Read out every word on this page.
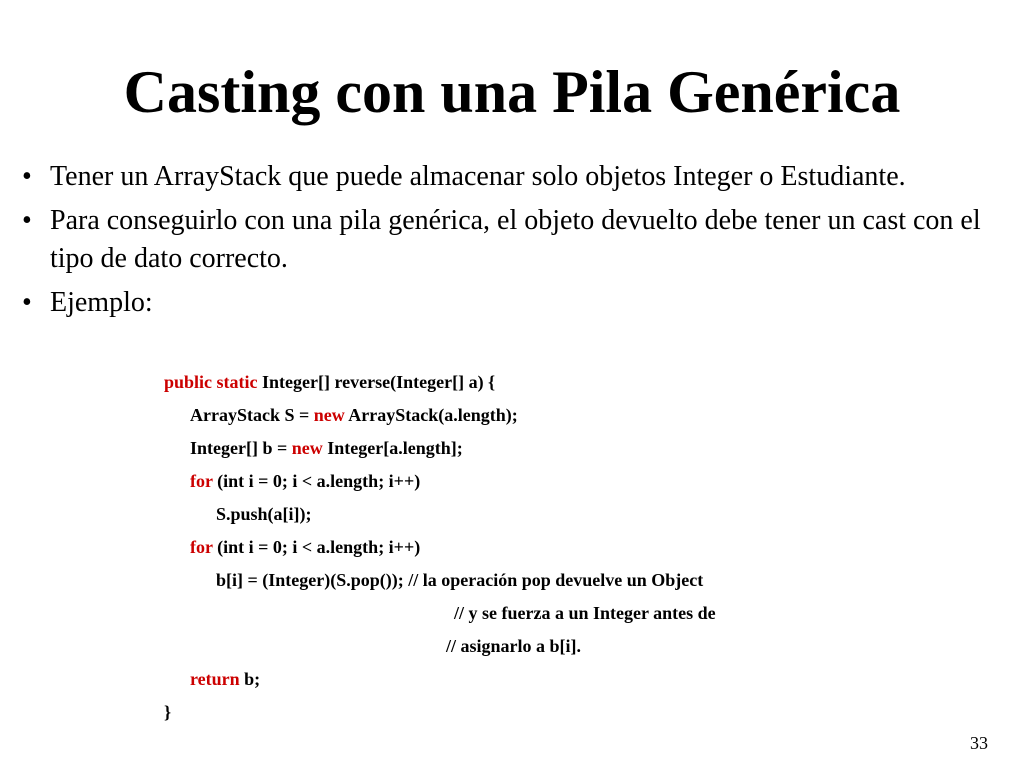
Casting con una Pila Genérica
• Tener un ArrayStack que puede almacenar solo objetos Integer o Estudiante.
• Para conseguirlo con una pila genérica, el objeto devuelto debe tener un cast con el tipo de dato correcto.
• Ejemplo:
public static Integer[] reverse(Integer[] a) {
ArrayStack S = new ArrayStack(a.length);
Integer[] b = new Integer[a.length];
for (int i = 0; i < a.length; i++)
S.push(a[i]);
for (int i = 0; i < a.length; i++)
b[i] = (Integer)(S.pop()); // la operación pop devuelve un Object
// y se fuerza a un Integer antes de
// asignarlo a b[i].
return b;
}
33
